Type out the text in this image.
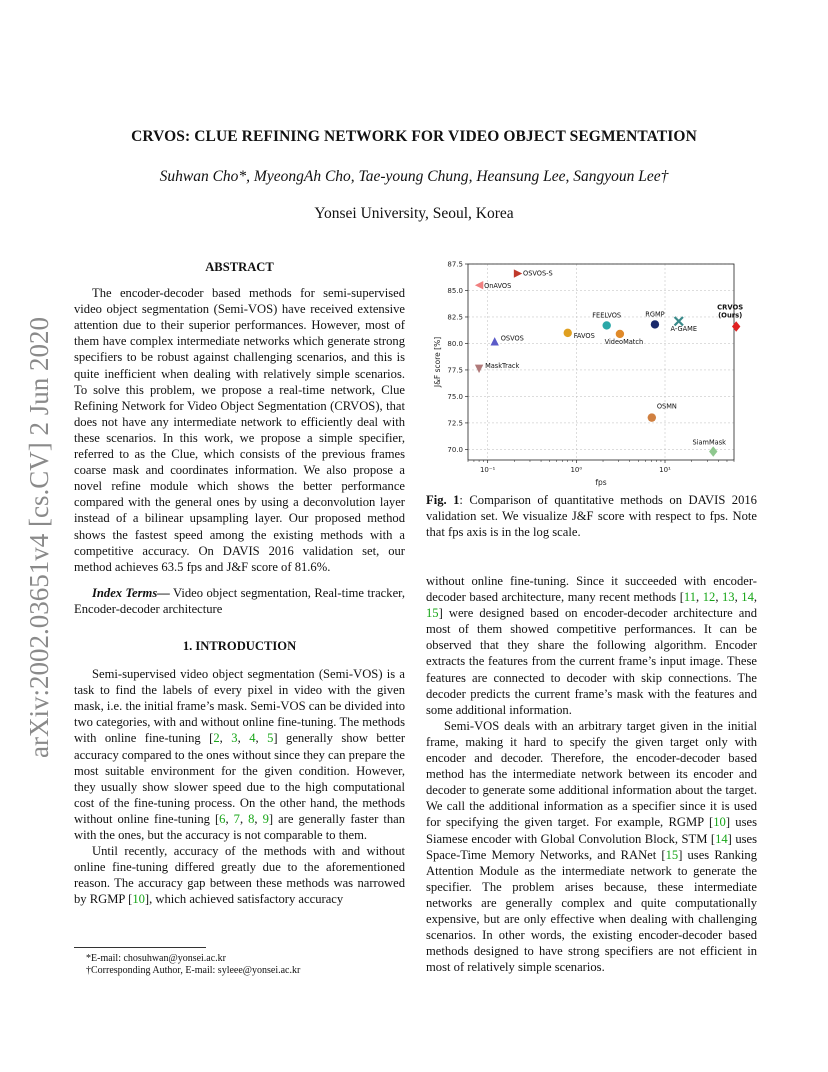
arXiv:2002.03651v4 [cs.CV] 2 Jun 2020
CRVOS: CLUE REFINING NETWORK FOR VIDEO OBJECT SEGMENTATION
Suhwan Cho*, MyeongAh Cho, Tae-young Chung, Heansung Lee, Sangyoun Lee†
Yonsei University, Seoul, Korea
ABSTRACT

The encoder-decoder based methods for semi-supervised video object segmentation (Semi-VOS) have received extensive attention due to their superior performances. However, most of them have complex intermediate networks which generate strong specifiers to be robust against challenging scenarios, and this is quite inefficient when dealing with relatively simple scenarios. To solve this problem, we propose a real-time network, Clue Refining Network for Video Object Segmentation (CRVOS), that does not have any intermediate network to efficiently deal with these scenarios. In this work, we propose a simple specifier, referred to as the Clue, which consists of the previous frames coarse mask and coordinates information. We also propose a novel refine module which shows the better performance compared with the general ones by using a deconvolution layer instead of a bilinear upsampling layer. Our proposed method shows the fastest speed among the existing methods with a competitive accuracy. On DAVIS 2016 validation set, our method achieves 63.5 fps and J&F score of 81.6%.

Index Terms— Video object segmentation, Real-time tracker, Encoder-decoder architecture

1. INTRODUCTION

Semi-supervised video object segmentation (Semi-VOS) is a task to find the labels of every pixel in video with the given mask, i.e. the initial frame’s mask. Semi-VOS can be divided into two categories, with and without online fine-tuning. The methods with online fine-tuning [2, 3, 4, 5] generally show better accuracy compared to the ones without since they can prepare the most suitable environment for the given condition. However, they usually show slower speed due to the high computational cost of the fine-tuning process. On the other hand, the methods without online fine-tuning [6, 7, 8, 9] are generally faster than with the ones, but the accuracy is not comparable to them.

Until recently, accuracy of the methods with and without online fine-tuning differed greatly due to the aforementioned reason. The accuracy gap between these methods was narrowed by RGMP [10], which achieved satisfactory accuracy

*E-mail: chosuhwan@yonsei.ac.kr
†Corresponding Author, E-mail: syleee@yonsei.ac.kr
70.0
72.5
75.0
77.5
80.0
82.5
85.0
87.5
10⁻¹	10⁰	10¹
fps
J&F score [%]
OSVOS-S
OnAVOS
OSVOS
MaskTrack
FAVOS
FEELVOS
VideoMatch
RGMP
A-GAME
OSMN
SiamMask
CRVOS (Ours)
Fig. 1: Comparison of quantitative methods on DAVIS 2016 validation set. We visualize J&F score with respect to fps. Note that fps axis is in the log scale.

without online fine-tuning. Since it succeeded with encoder-decoder based architecture, many recent methods [11, 12, 13, 14, 15] were designed based on encoder-decoder architecture and most of them showed competitive performances. It can be observed that they share the following algorithm. Encoder extracts the features from the current frame’s input image. These features are connected to decoder with skip connections. The decoder predicts the current frame’s mask with the features and some additional information.

Semi-VOS deals with an arbitrary target given in the initial frame, making it hard to specify the given target only with encoder and decoder. Therefore, the encoder-decoder based method has the intermediate network between its encoder and decoder to generate some additional information about the target. We call the additional information as a specifier since it is used for specifying the given target. For example, RGMP [10] uses Siamese encoder with Global Convolution Block, STM [14] uses Space-Time Memory Networks, and RANet [15] uses Ranking Attention Module as the intermediate network to generate the specifier. The problem arises because, these intermediate networks are generally complex and quite computationally expensive, but are only effective when dealing with challenging scenarios. In other words, the existing encoder-decoder based methods designed to have strong specifiers are not efficient in most of relatively simple scenarios.
